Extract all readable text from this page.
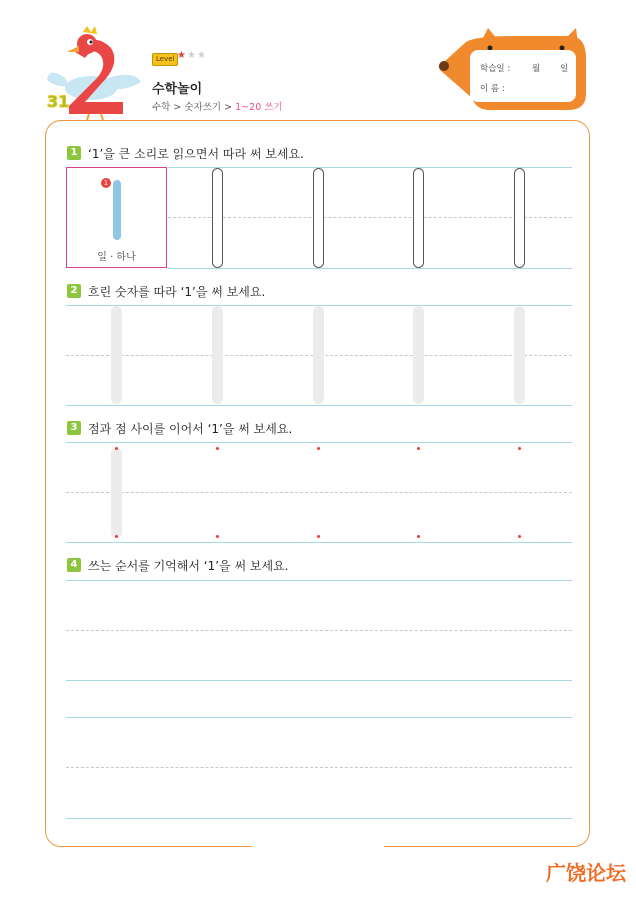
31
Level ★★★
수학놀이
수학 > 숫자쓰기 > 1~20 쓰기
학습일 :	월 일
이 름 :
1 ‘1’을 큰 소리로 읽으면서 따라 써 보세요.
1
일 · 하나
2 흐린 숫자를 따라 ‘1’을 써 보세요.
3 점과 점 사이를 이어서 ‘1’을 써 보세요.
4 쓰는 순서를 기억해서 ‘1’을 써 보세요.
广饶论坛
